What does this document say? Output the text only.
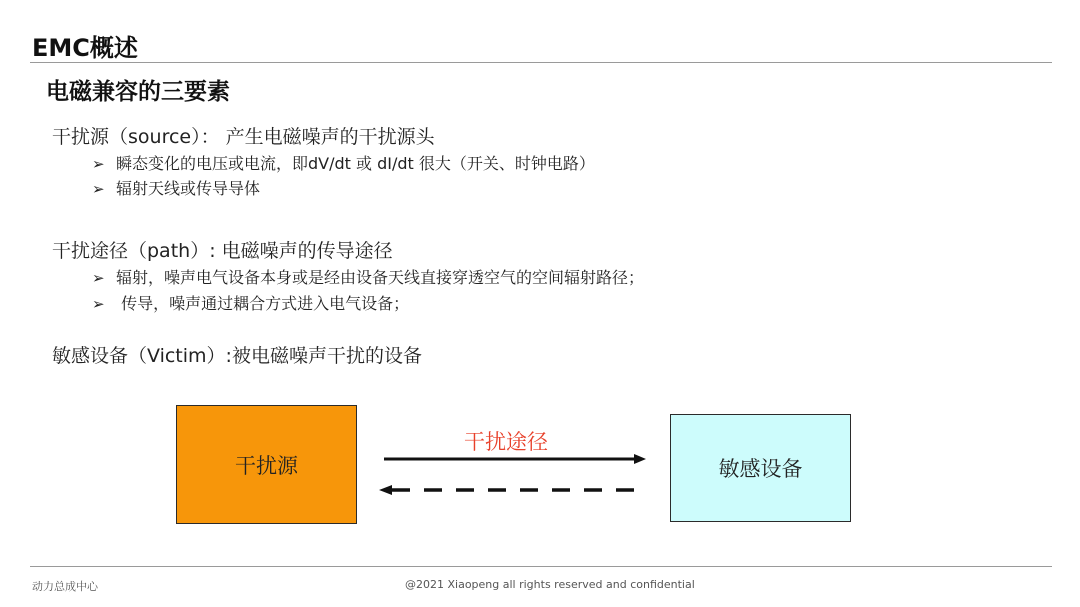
EMC概述
电磁兼容的三要素
干扰源（source）： 产生电磁噪声的干扰源头
➢ 瞬态变化的电压或电流，即dV/dt 或 dI/dt 很大（开关、时钟电路）
➢ 辐射天线或传导导体
干扰途径（path）: 电磁噪声的传导途径
➢ 辐射，噪声电气设备本身或是经由设备天线直接穿透空气的空间辐射路径；
➢ 传导，噪声通过耦合方式进入电气设备；
敏感设备（Victim）:被电磁噪声干扰的设备
干扰源
干扰途径
敏感设备
动力总成中心	@2021 Xiaopeng all rights reserved and confidential
